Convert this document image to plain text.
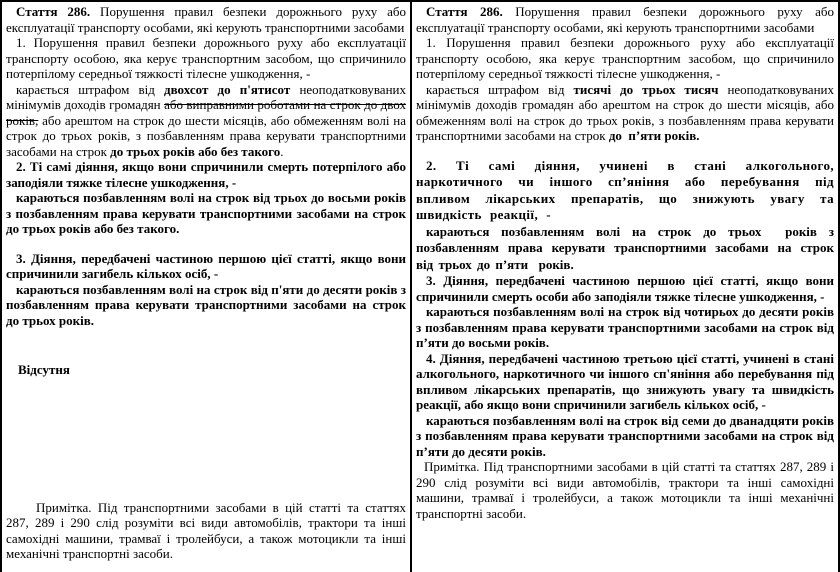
Стаття 286. Порушення правил безпеки дорожнього руху або експлуатації транспорту особами, які керують транспортними засобами

1. Порушення правил безпеки дорожнього руху або експлуатації транспорту особою, яка керує транспортним засобом, що спричинило потерпілому середньої тяжкості тілесне ушкодження, -

карається штрафом від двохсот до п'ятисот неоподатковуваних мінімумів доходів громадян або виправними роботами на строк до двох років, або арештом на строк до шести місяців, або обмеженням волі на строк до трьох років, з позбавленням права керувати транспортними засобами на строк до трьох років або без такого.

2. Ті самі діяння, якщо вони спричинили смерть потерпілого або заподіяли тяжке тілесне ушкодження, -

караються позбавленням волі на строк від трьох до восьми років з позбавленням права керувати транспортними засобами на строк до трьох років або без такого.

3. Діяння, передбачені частиною першою цієї статті, якщо вони спричинили загибель кількох осіб, -

караються позбавленням волі на строк від п'яти до десяти років з позбавленням права керувати транспортними засобами на строк до трьох років.

Відсутня

Примітка. Під транспортними засобами в цій статті та статтях 287, 289 і 290 слід розуміти всі види автомобілів, трактори та інші самохідні машини, трамваї і тролейбуси, а також мотоцикли та інші механічні транспортні засоби.

Стаття 286. Порушення правил безпеки дорожнього руху або експлуатації транспорту особами, які керують транспортними засобами

1. Порушення правил безпеки дорожнього руху або експлуатації транспорту особою, яка керує транспортним засобом, що спричинило потерпілому середньої тяжкості тілесне ушкодження, -

карається штрафом від тисячі до трьох тисяч неоподатковуваних мінімумів доходів громадян або арештом на строк до шести місяців, або обмеженням волі на строк до трьох років, з позбавленням права керувати транспортними засобами на строк до  п’яти років.

2. Ті самі діяння, учинені в стані алкогольного, наркотичного чи іншого сп’яніння або перебування під впливом лікарських препаратів, що знижують увагу та швидкість реакції, -

караються позбавленням волі на строк до трьох  років з позбавленням права керувати транспортними засобами на строк від трьох до п’яти  років.

3. Діяння, передбачені частиною першою цієї статті, якщо вони спричинили смерть особи або заподіяли тяжке тілесне ушкодження, -

караються позбавленням волі на строк від чотирьох до десяти років з позбавленням права керувати транспортними засобами на строк від п’яти до восьми років.

4. Діяння, передбачені частиною третьою цієї статті, учинені в стані алкогольного, наркотичного чи іншого сп'яніння або перебування під впливом лікарських препаратів, що знижують увагу та швидкість реакції, або якщо вони спричинили загибель кількох осіб, -

караються позбавленням волі на строк від семи до дванадцяти років з позбавленням права керувати транспортними засобами на строк від п’яти до десяти років.

Примітка. Під транспортними засобами в цій статті та статтях 287, 289 і 290 слід розуміти всі види автомобілів, трактори та інші самохідні машини, трамваї і тролейбуси, а також мотоцикли та інші механічні транспортні засоби.
